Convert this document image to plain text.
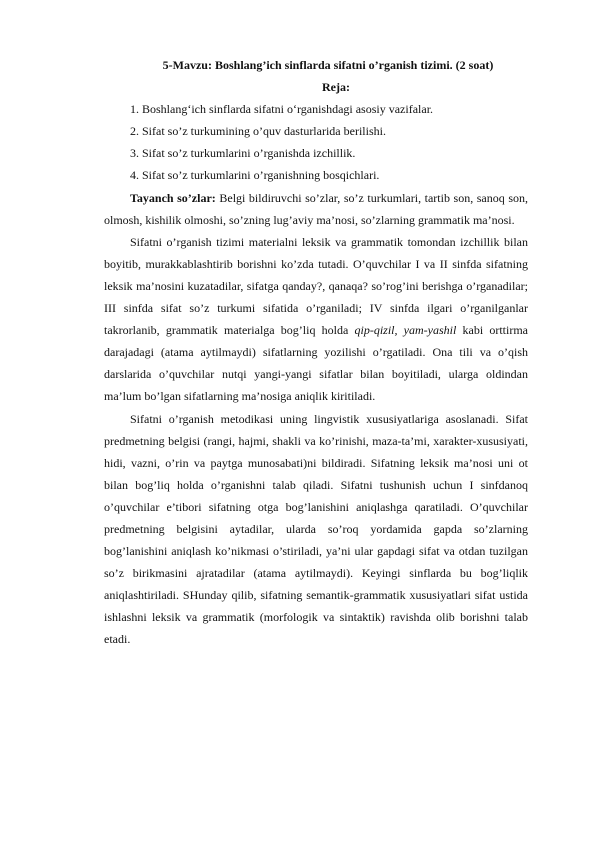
5-Mavzu: Boshlang’ich sinflarda sifatni o’rganish tizimi. (2 soat)

Reja:

1. Boshlang‘ich sinflarda sifatni o‘rganishdagi asosiy vazifalar.
2. Sifat so’z turkumining o’quv dasturlarida berilishi.
3. Sifat so’z turkumlarini o’rganishda izchillik.
4. Sifat so’z turkumlarini o’rganishning bosqichlari.

Tayanch so’zlar: Belgi bildiruvchi so’zlar, so’z turkumlari, tartib son, sanoq son, olmosh, kishilik olmoshi, so’zning lug’aviy ma’nosi, so’zlarning grammatik ma’nosi.

Sifatni o’rganish tizimi materialni leksik va grammatik tomondan izchillik bilan boyitib, murakkablashtirib borishni ko’zda tutadi. O’quvchilar I va II sinfda sifatning leksik ma’nosini kuzatadilar, sifatga qanday?, qanaqa? so’rog’ini berishga o’rganadilar; III sinfda sifat so’z turkumi sifatida o’rganiladi; IV sinfda ilgari o’rganilganlar takrorlanib, grammatik materialga bog’liq holda qip-qizil, yam-yashil kabi orttirma darajadagi (atama aytilmaydi) sifatlarning yozilishi o’rgatiladi. Ona tili va o’qish darslarida o’quvchilar nutqi yangi-yangi sifatlar bilan boyitiladi, ularga oldindan ma’lum bo’lgan sifatlarning ma’nosiga aniqlik kiritiladi.

Sifatni o’rganish metodikasi uning lingvistik xususiyatlariga asoslanadi. Sifat predmetning belgisi (rangi, hajmi, shakli va ko’rinishi, maza-ta’mi, xarakter-xususiyati, hidi, vazni, o’rin va paytga munosabati)ni bildiradi. Sifatning leksik ma’nosi uni ot bilan bog’liq holda o’rganishni talab qiladi. Sifatni tushunish uchun I sinfdanoq o’quvchilar e’tibori sifatning otga bog’lanishini aniqlashga qaratiladi. O’quvchilar predmetning belgisini aytadilar, ularda so’roq yordamida gapda so’zlarning bog’lanishini aniqlash ko’nikmasi o’stiriladi, ya’ni ular gapdagi sifat va otdan tuzilgan so’z birikmasini ajratadilar (atama aytilmaydi). Keyingi sinflarda bu bog’liqlik aniqlashtiriladi. SHunday qilib, sifatning semantik-grammatik xususiyatlari sifat ustida ishlashni leksik va grammatik (morfologik va sintaktik) ravishda olib borishni talab etadi.
